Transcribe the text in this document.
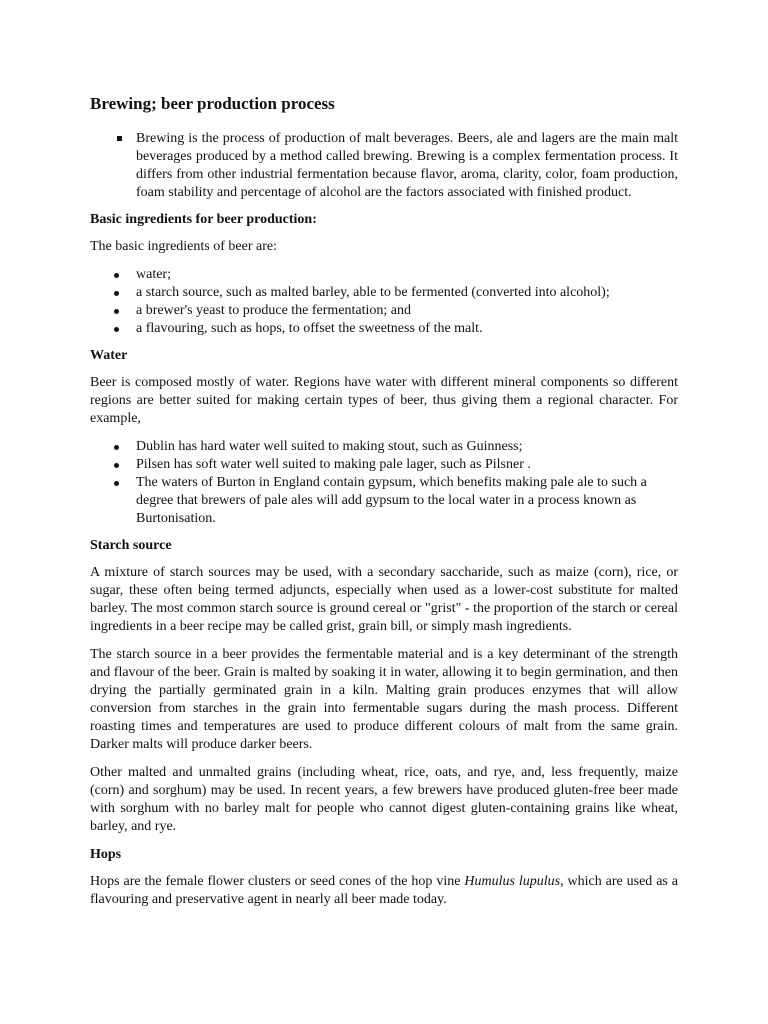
Brewing; beer production process
Brewing is the process of production of malt beverages. Beers, ale and lagers are the main malt beverages produced by a method called brewing. Brewing is a complex fermentation process. It differs from other industrial fermentation because flavor, aroma, clarity, color, foam production, foam stability and percentage of alcohol are the factors associated with finished product.
Basic ingredients for beer production:

The basic ingredients of beer are:

water;
a starch source, such as malted barley, able to be fermented (converted into alcohol);
a brewer's yeast to produce the fermentation; and
a flavouring, such as hops, to offset the sweetness of the malt.
Water

Beer is composed mostly of water. Regions have water with different mineral components so different regions are better suited for making certain types of beer, thus giving them a regional character. For example,

Dublin has hard water well suited to making stout, such as Guinness;
Pilsen has soft water well suited to making pale lager, such as Pilsner .
The waters of Burton in England contain gypsum, which benefits making pale ale to such a degree that brewers of pale ales will add gypsum to the local water in a process known as Burtonisation.
Starch source

A mixture of starch sources may be used, with a secondary saccharide, such as maize (corn), rice, or sugar, these often being termed adjuncts, especially when used as a lower-cost substitute for malted barley. The most common starch source is ground cereal or "grist" - the proportion of the starch or cereal ingredients in a beer recipe may be called grist, grain bill, or simply mash ingredients.

The starch source in a beer provides the fermentable material and is a key determinant of the strength and flavour of the beer. Grain is malted by soaking it in water, allowing it to begin germination, and then drying the partially germinated grain in a kiln. Malting grain produces enzymes that will allow conversion from starches in the grain into fermentable sugars during the mash process. Different roasting times and temperatures are used to produce different colours of malt from the same grain. Darker malts will produce darker beers.

Other malted and unmalted grains (including wheat, rice, oats, and rye, and, less frequently, maize (corn) and sorghum) may be used. In recent years, a few brewers have produced gluten-free beer made with sorghum with no barley malt for people who cannot digest gluten-containing grains like wheat, barley, and rye.

Hops

Hops are the female flower clusters or seed cones of the hop vine Humulus lupulus, which are used as a flavouring and preservative agent in nearly all beer made today.
